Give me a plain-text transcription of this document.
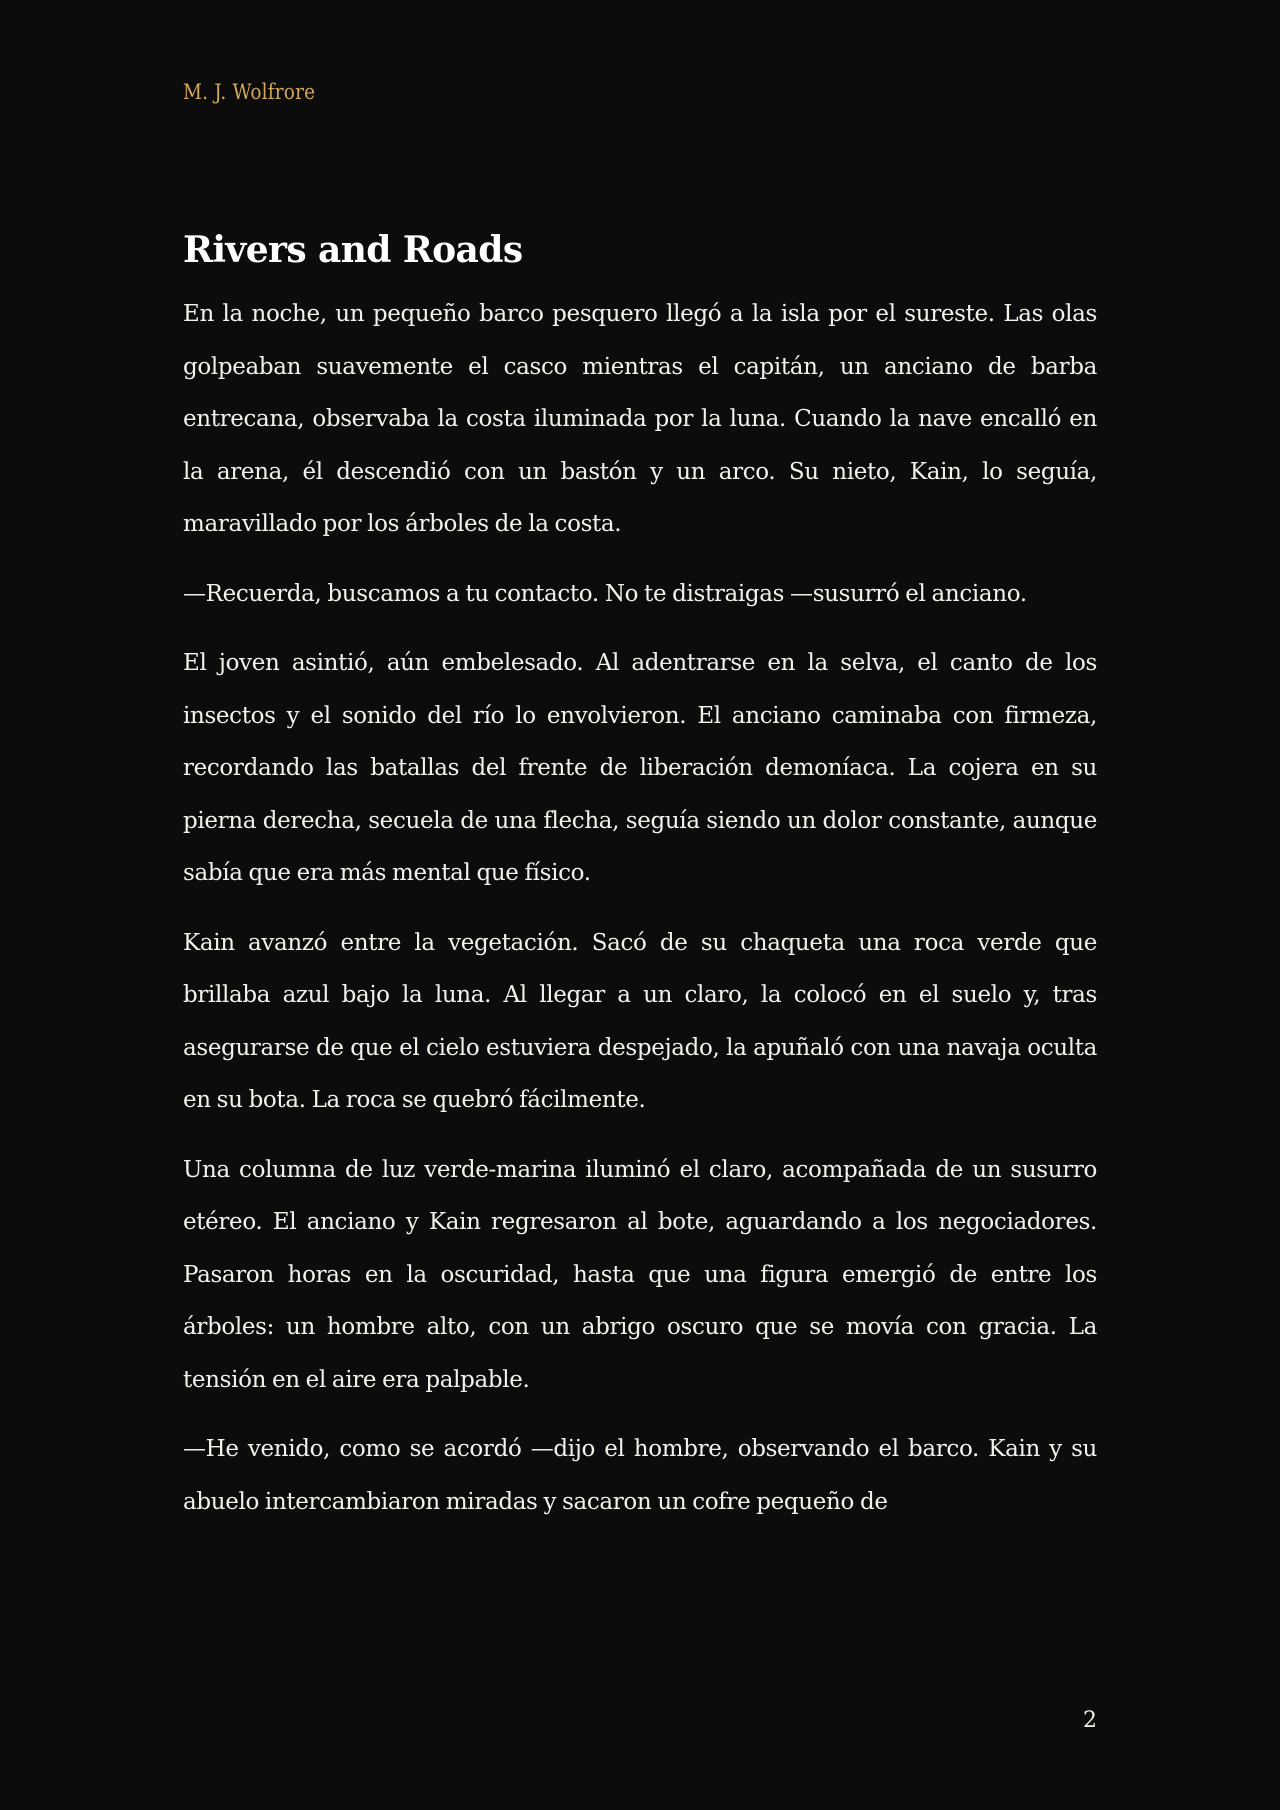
M. J. Wolfrore
Rivers and Roads

En la noche, un pequeño barco pesquero llegó a la isla por el sureste. Las olas golpeaban suavemente el casco mientras el capitán, un anciano de barba entrecana, observaba la costa iluminada por la luna. Cuando la nave encalló en la arena, él descendió con un bastón y un arco. Su nieto, Kain, lo seguía, maravillado por los árboles de la costa.

—Recuerda, buscamos a tu contacto. No te distraigas —susurró el anciano.

El joven asintió, aún embelesado. Al adentrarse en la selva, el canto de los insectos y el sonido del río lo envolvieron. El anciano caminaba con firmeza, recordando las batallas del frente de liberación demoníaca. La cojera en su pierna derecha, secuela de una flecha, seguía siendo un dolor constante, aunque sabía que era más mental que físico.

Kain avanzó entre la vegetación. Sacó de su chaqueta una roca verde que brillaba azul bajo la luna. Al llegar a un claro, la colocó en el suelo y, tras asegurarse de que el cielo estuviera despejado, la apuñaló con una navaja oculta en su bota. La roca se quebró fácilmente.

Una columna de luz verde-marina iluminó el claro, acompañada de un susurro etéreo. El anciano y Kain regresaron al bote, aguardando a los negociadores. Pasaron horas en la oscuridad, hasta que una figura emergió de entre los árboles: un hombre alto, con un abrigo oscuro que se movía con gracia. La tensión en el aire era palpable.

—He venido, como se acordó —dijo el hombre, observando el barco. Kain y su abuelo intercambiaron miradas y sacaron un cofre pequeño de

2
